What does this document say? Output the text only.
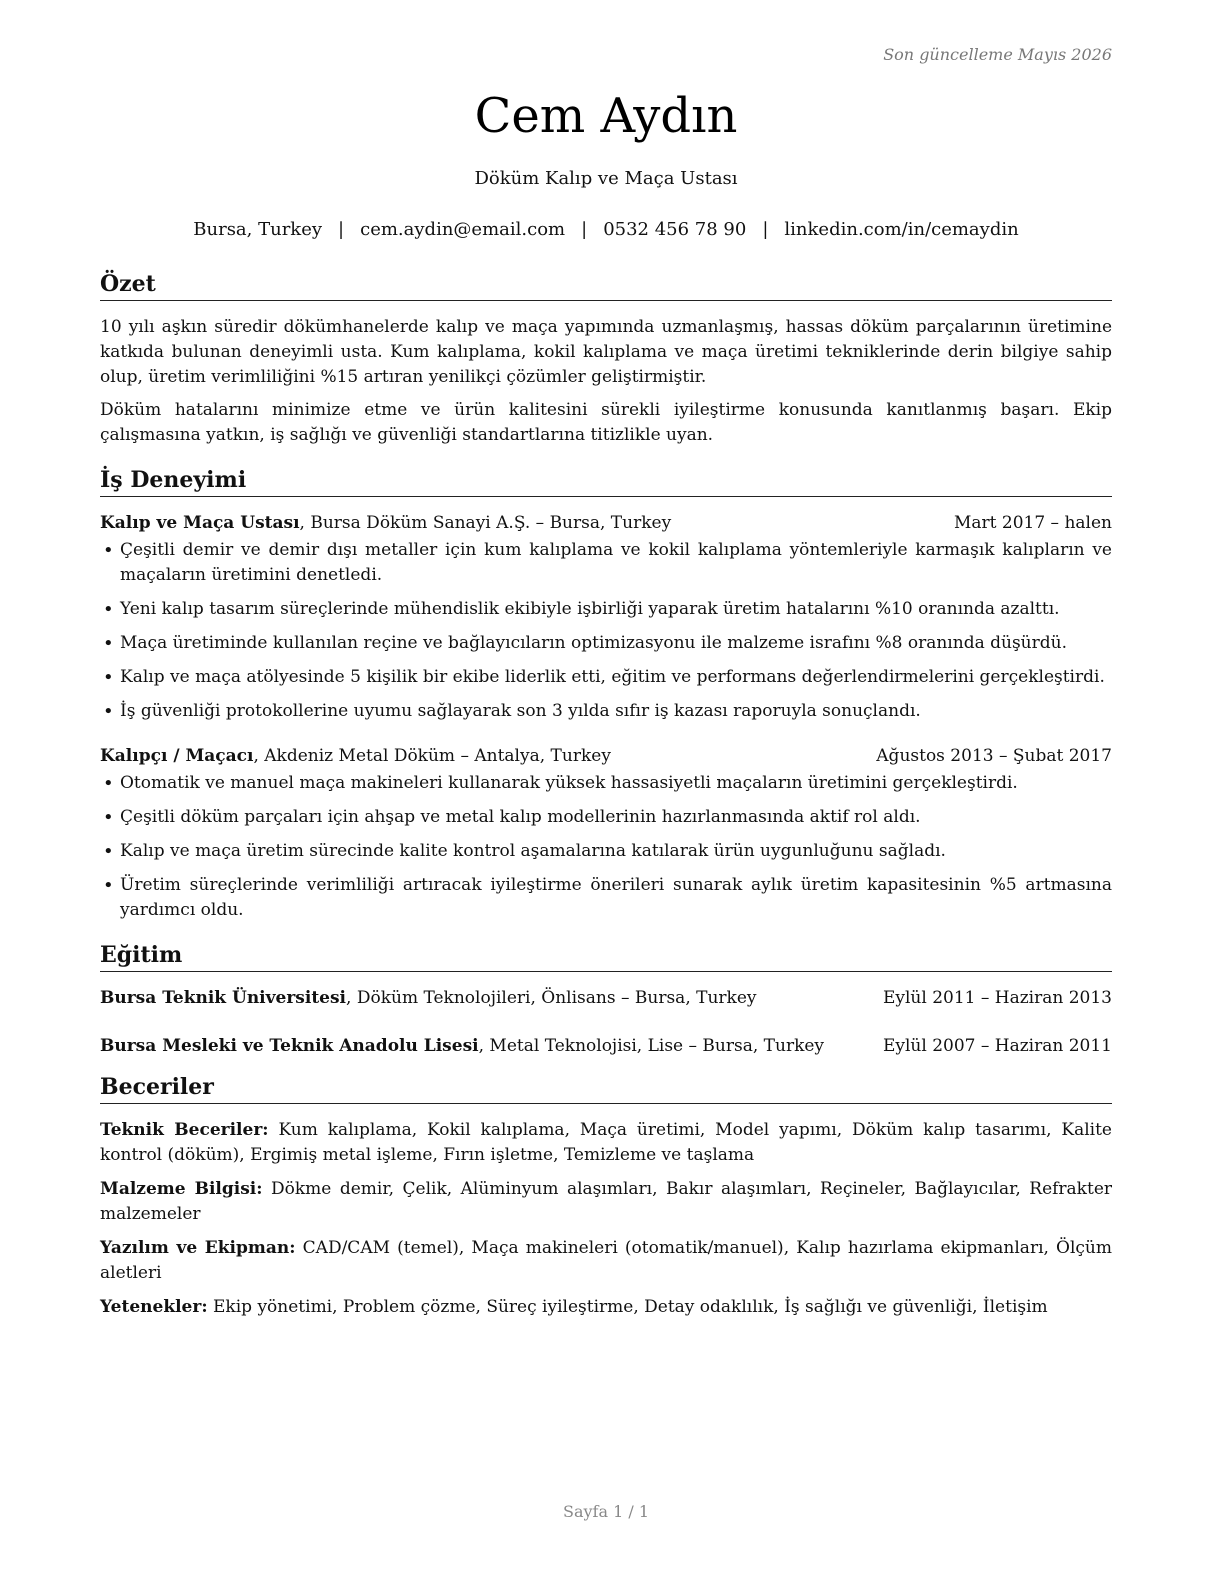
Son güncelleme Mayıs 2026
Cem Aydın
Döküm Kalıp ve Maça Ustası
Bursa, Turkey | cem.aydin@email.com | 0532 456 78 90 | linkedin.com/in/cemaydin
Özet

10 yılı aşkın süredir dökümhanelerde kalıp ve maça yapımında uzmanlaşmış, hassas döküm parçalarının üretimine katkıda bulunan deneyimli usta. Kum kalıplama, kokil kalıplama ve maça üretimi tekniklerinde derin bilgiye sahip olup, üretim verimliliğini %15 artıran yenilikçi çözümler geliştirmiştir.

Döküm hatalarını minimize etme ve ürün kalitesini sürekli iyileştirme konusunda kanıtlanmış başarı. Ekip çalışmasına yatkın, iş sağlığı ve güvenliği standartlarına titizlikle uyan.

İş Deneyimi
Kalıp ve Maça Ustası, Bursa Döküm Sanayi A.Ş. – Bursa, Turkey	Mart 2017 – halen
• Çeşitli demir ve demir dışı metaller için kum kalıplama ve kokil kalıplama yöntemleriyle karmaşık kalıpların ve maçaların üretimini denetledi.
• Yeni kalıp tasarım süreçlerinde mühendislik ekibiyle işbirliği yaparak üretim hatalarını %10 oranında azalttı.
• Maça üretiminde kullanılan reçine ve bağlayıcıların optimizasyonu ile malzeme israfını %8 oranında düşürdü.
• Kalıp ve maça atölyesinde 5 kişilik bir ekibe liderlik etti, eğitim ve performans değerlendirmelerini gerçekleştirdi.
• İş güvenliği protokollerine uyumu sağlayarak son 3 yılda sıfır iş kazası raporuyla sonuçlandı.
Kalıpçı / Maçacı, Akdeniz Metal Döküm – Antalya, Turkey	Ağustos 2013 – Şubat 2017
• Otomatik ve manuel maça makineleri kullanarak yüksek hassasiyetli maçaların üretimini gerçekleştirdi.
• Çeşitli döküm parçaları için ahşap ve metal kalıp modellerinin hazırlanmasında aktif rol aldı.
• Kalıp ve maça üretim sürecinde kalite kontrol aşamalarına katılarak ürün uygunluğunu sağladı.
• Üretim süreçlerinde verimliliği artıracak iyileştirme önerileri sunarak aylık üretim kapasitesinin %5 artmasına yardımcı oldu.
Eğitim
Bursa Teknik Üniversitesi, Döküm Teknolojileri, Önlisans – Bursa, Turkey	Eylül 2011 – Haziran 2013
Bursa Mesleki ve Teknik Anadolu Lisesi, Metal Teknolojisi, Lise – Bursa, Turkey	Eylül 2007 – Haziran 2011
Beceriler

Teknik Beceriler: Kum kalıplama, Kokil kalıplama, Maça üretimi, Model yapımı, Döküm kalıp tasarımı, Kalite kontrol (döküm), Ergimiş metal işleme, Fırın işletme, Temizleme ve taşlama

Malzeme Bilgisi: Dökme demir, Çelik, Alüminyum alaşımları, Bakır alaşımları, Reçineler, Bağlayıcılar, Refrakter malzemeler

Yazılım ve Ekipman: CAD/CAM (temel), Maça makineleri (otomatik/manuel), Kalıp hazırlama ekipmanları, Ölçüm aletleri

Yetenekler: Ekip yönetimi, Problem çözme, Süreç iyileştirme, Detay odaklılık, İş sağlığı ve güvenliği, İletişim

Sayfa 1 / 1
